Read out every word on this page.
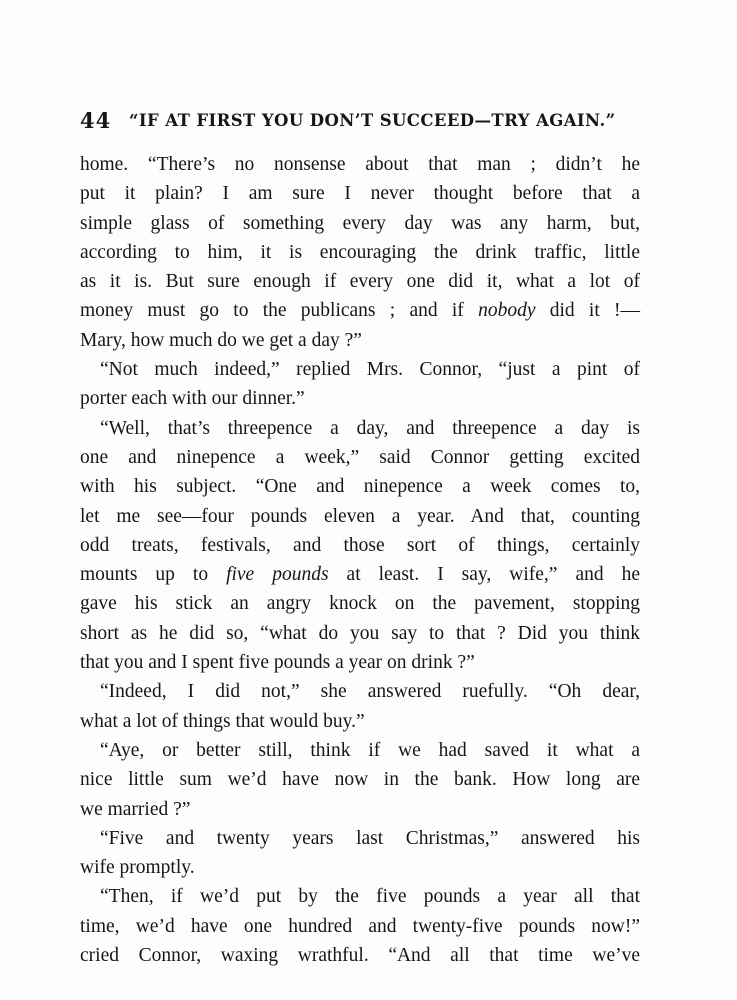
44 “IF AT FIRST YOU DON’T SUCCEED—TRY AGAIN.”
home. “There’s no nonsense about that man ; didn’t he
put it plain? I am sure I never thought before that a
simple glass of something every day was any harm, but,
according to him, it is encouraging the drink traffic, little
as it is. But sure enough if every one did it, what a lot of
money must go to the publicans ; and if nobody did it !—
Mary, how much do we get a day ?”
“Not much indeed,” replied Mrs. Connor, “just a pint of
porter each with our dinner.”
“Well, that’s threepence a day, and threepence a day is
one and ninepence a week,” said Connor getting excited
with his subject. “One and ninepence a week comes to,
let me see—four pounds eleven a year. And that, counting
odd treats, festivals, and those sort of things, certainly
mounts up to five pounds at least. I say, wife,” and he
gave his stick an angry knock on the pavement, stopping
short as he did so, “what do you say to that ? Did you think
that you and I spent five pounds a year on drink ?”
“Indeed, I did not,” she answered ruefully. “Oh dear,
what a lot of things that would buy.”
“Aye, or better still, think if we had saved it what a
nice little sum we’d have now in the bank. How long are
we married ?”
“Five and twenty years last Christmas,” answered his
wife promptly.
“Then, if we’d put by the five pounds a year all that
time, we’d have one hundred and twenty-five pounds now!”
cried Connor, waxing wrathful. “And all that time we’ve
